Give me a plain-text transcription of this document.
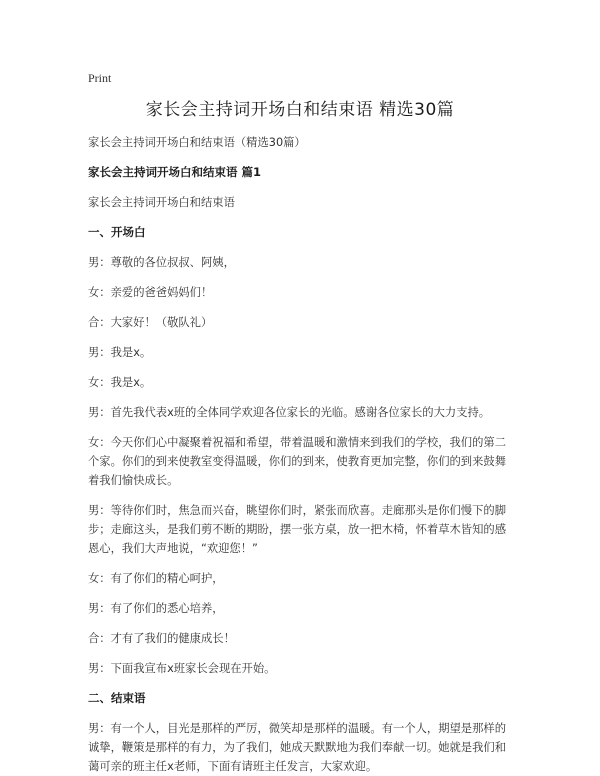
Print
家长会主持词开场白和结束语 精选30篇

家长会主持词开场白和结束语（精选30篇）

家长会主持词开场白和结束语 篇1

家长会主持词开场白和结束语

一、开场白

男：尊敬的各位叔叔、阿姨，

女：亲爱的爸爸妈妈们！

合：大家好！（敬队礼）

男：我是x。

女：我是x。

男：首先我代表x班的全体同学欢迎各位家长的光临。感谢各位家长的大力支持。

女：今天你们心中凝聚着祝福和希望，带着温暖和激情来到我们的学校，我们的第二个家。你们的到来使教室变得温暖，你们的到来，使教育更加完整，你们的到来鼓舞着我们愉快成长。

男：等待你们时，焦急而兴奋，眺望你们时，紧张而欣喜。走廊那头是你们慢下的脚步；走廊这头，是我们剪不断的期盼，摆一张方桌，放一把木椅，怀着草木皆知的感恩心，我们大声地说，“欢迎您！”

女：有了你们的精心呵护，

男：有了你们的悉心培养，

合：才有了我们的健康成长！

男：下面我宣布x班家长会现在开始。

二、结束语

男：有一个人，目光是那样的严厉，微笑却是那样的温暖。有一个人，期望是那样的诚挚，鞭策是那样的有力，为了我们，她成天默默地为我们奉献一切。她就是我们和蔼可亲的班主任x老师，下面有请班主任发言，大家欢迎。
